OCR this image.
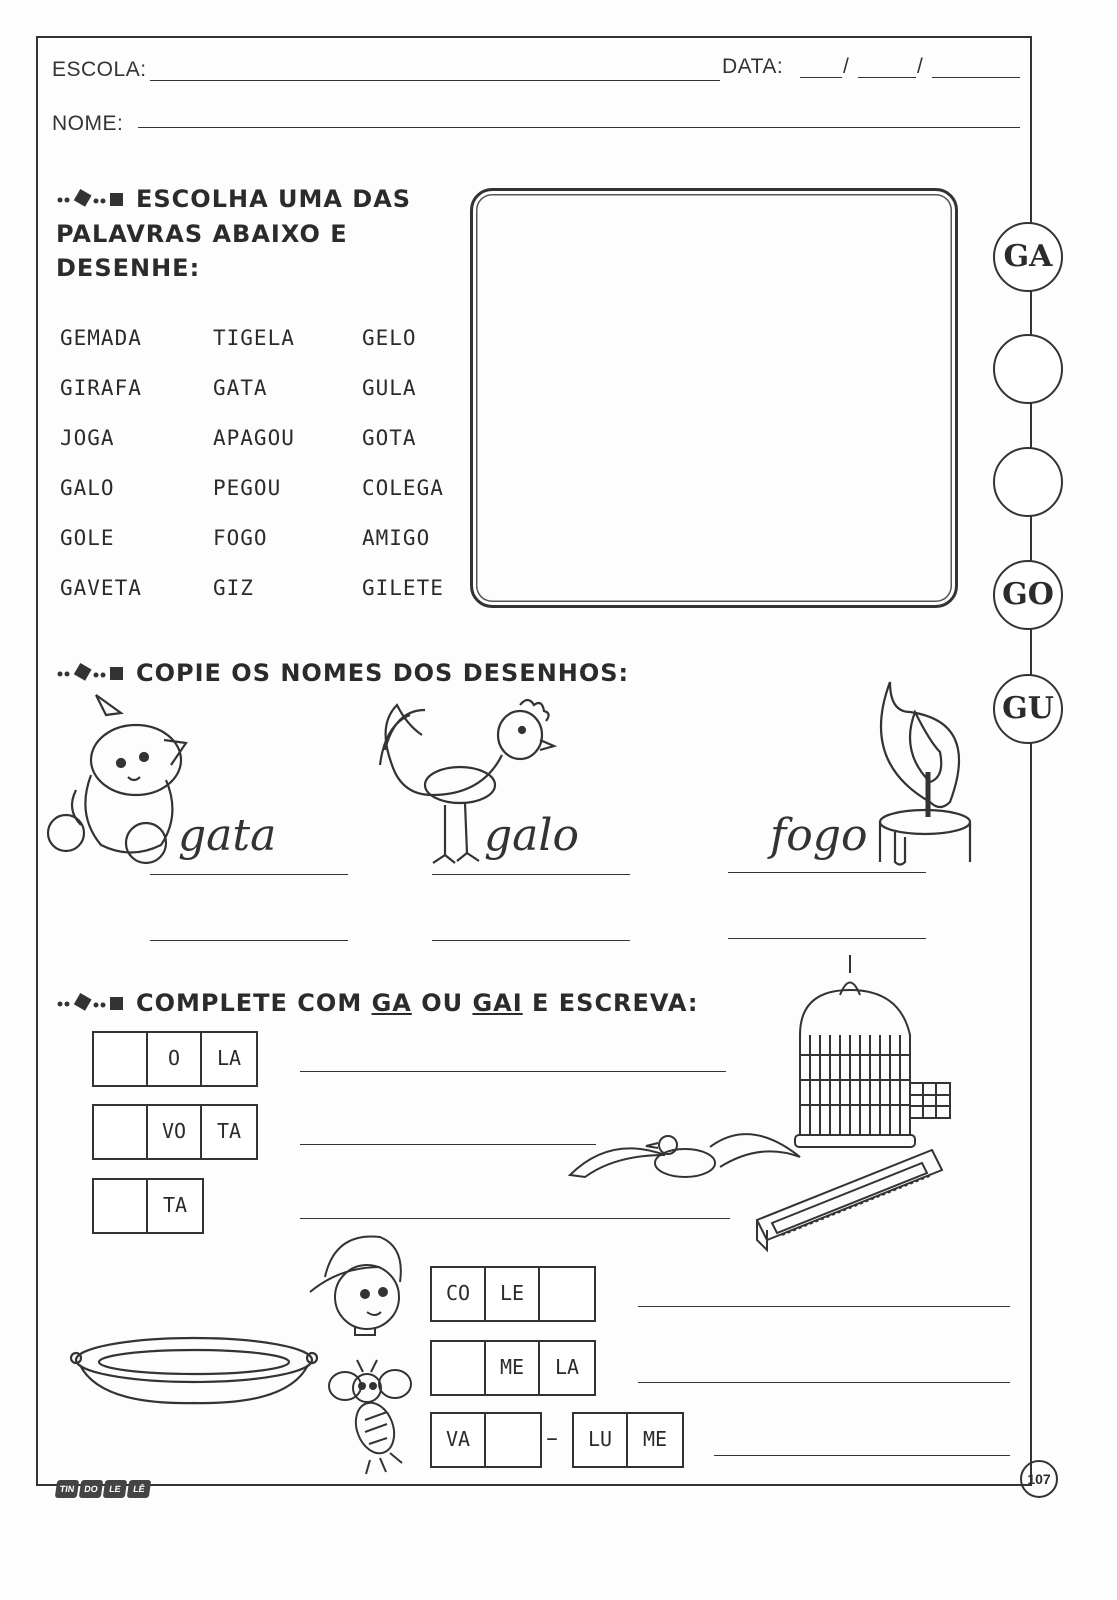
ESCOLA:	DATA:	/	/
NOME:
ESCOLHA UMA DAS
PALAVRAS ABAIXO E
DESENHE:
GEMADA	TIGELA	GELO
GIRAFA	GATA	GULA
JOGA	APAGOU	GOTA
GALO	PEGOU	COLEGA
GOLE	FOGO	AMIGO
GAVETA	GIZ	GILETE
GA
GO
GU
COPIE OS NOMES DOS DESENHOS:
gata	galo	fogo
COMPLETE COM GA OU GAI E ESCREVA:
O	LA
VO	TA
TA
CO	LE
ME	LA
VA	–	LU	ME
TIN DO	LE	LÊ
107
